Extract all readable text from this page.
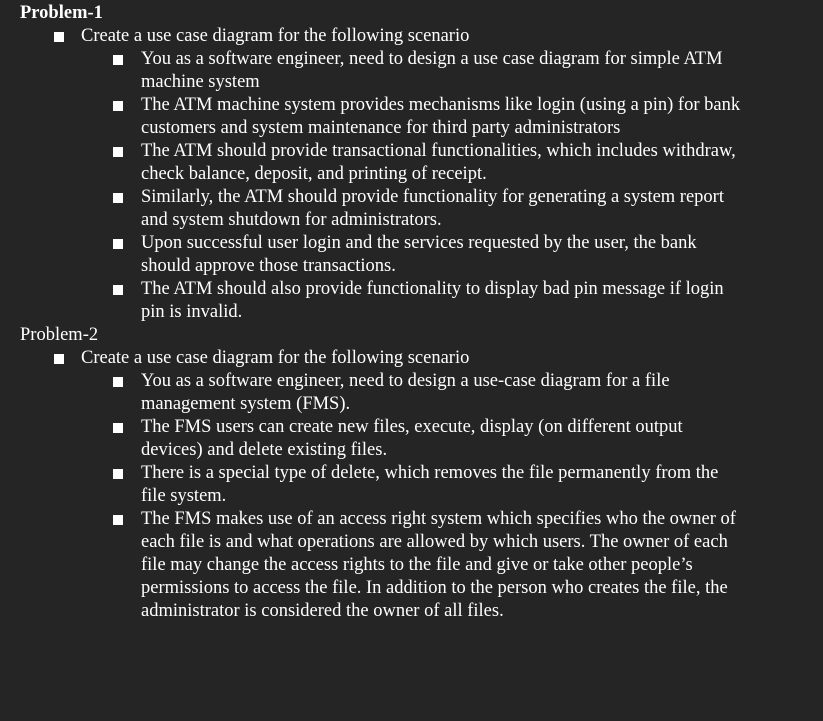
Problem-1
Create a use case diagram for the following scenario
You as a software engineer, need to design a use case diagram for simple ATM machine system
The ATM machine system provides mechanisms like login (using a pin) for bank customers and system maintenance for third party administrators
The ATM should provide transactional functionalities, which includes withdraw, check balance, deposit, and printing of receipt.
Similarly, the ATM should provide functionality for generating a system report and system shutdown for administrators.
Upon successful user login and the services requested by the user, the bank should approve those transactions.
The ATM should also provide functionality to display bad pin message if login pin is invalid.
Problem-2
Create a use case diagram for the following scenario
You as a software engineer, need to design a use-case diagram for a file management system (FMS).
The FMS users can create new files, execute, display (on different output devices) and delete existing files.
There is a special type of delete, which removes the file permanently from the file system.
The FMS makes use of an access right system which specifies who the owner of each file is and what operations are allowed by which users. The owner of each file may change the access rights to the file and give or take other people’s permissions to access the file. In addition to the person who creates the file, the administrator is considered the owner of all files.
